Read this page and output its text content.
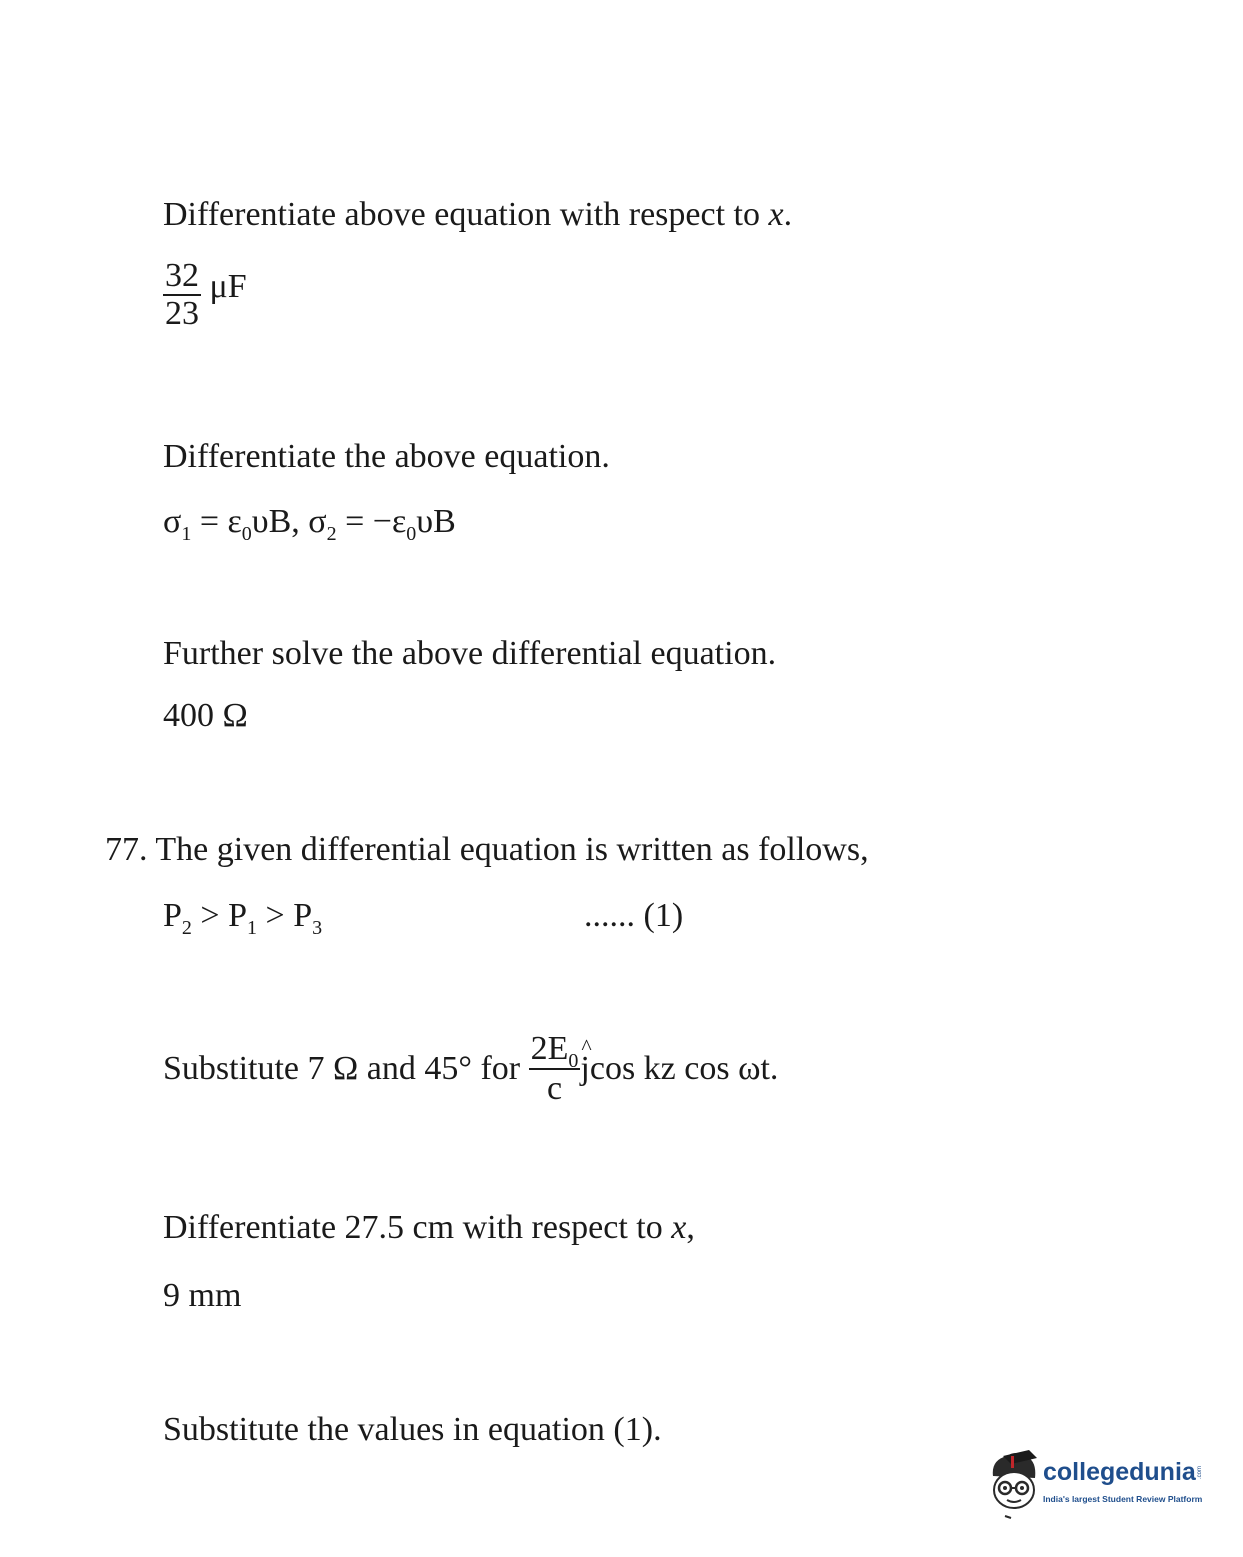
Differentiate above equation with respect to x.
$\frac{32}{23}$ μF
Differentiate the above equation.
$\sigma_1 = \varepsilon_0\upsilon B$, $\sigma_2 = -\varepsilon_0\upsilon B$
Further solve the above differential equation.
400 Ω
77. The given differential equation is written as follows,
$P_2 > P_1 > P_3$	...... (1)
Substitute 7 Ω and 45° for $\frac{2E_0}{c}$
^ jcos kz cos ωt.
Differentiate 27.5 cm with respect to x,
9 mm
Substitute the values in equation (1).
collegedunia .com
India's largest Student Review Platform
